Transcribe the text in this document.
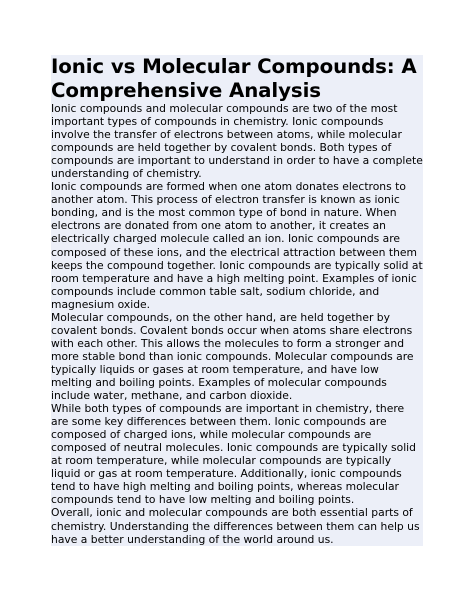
Ionic vs Molecular Compounds: A Comprehensive Analysis

Ionic compounds and molecular compounds are two of the most important types of compounds in chemistry. Ionic compounds involve the transfer of electrons between atoms, while molecular compounds are held together by covalent bonds. Both types of compounds are important to understand in order to have a complete understanding of chemistry.

Ionic compounds are formed when one atom donates electrons to another atom. This process of electron transfer is known as ionic bonding, and is the most common type of bond in nature. When electrons are donated from one atom to another, it creates an electrically charged molecule called an ion. Ionic compounds are composed of these ions, and the electrical attraction between them keeps the compound together. Ionic compounds are typically solid at room temperature and have a high melting point. Examples of ionic compounds include common table salt, sodium chloride, and magnesium oxide.

Molecular compounds, on the other hand, are held together by covalent bonds. Covalent bonds occur when atoms share electrons with each other. This allows the molecules to form a stronger and more stable bond than ionic compounds. Molecular compounds are typically liquids or gases at room temperature, and have low melting and boiling points. Examples of molecular compounds include water, methane, and carbon dioxide.

While both types of compounds are important in chemistry, there are some key differences between them. Ionic compounds are composed of charged ions, while molecular compounds are composed of neutral molecules. Ionic compounds are typically solid at room temperature, while molecular compounds are typically liquid or gas at room temperature. Additionally, ionic compounds tend to have high melting and boiling points, whereas molecular compounds tend to have low melting and boiling points.

Overall, ionic and molecular compounds are both essential parts of chemistry. Understanding the differences between them can help us have a better understanding of the world around us.
